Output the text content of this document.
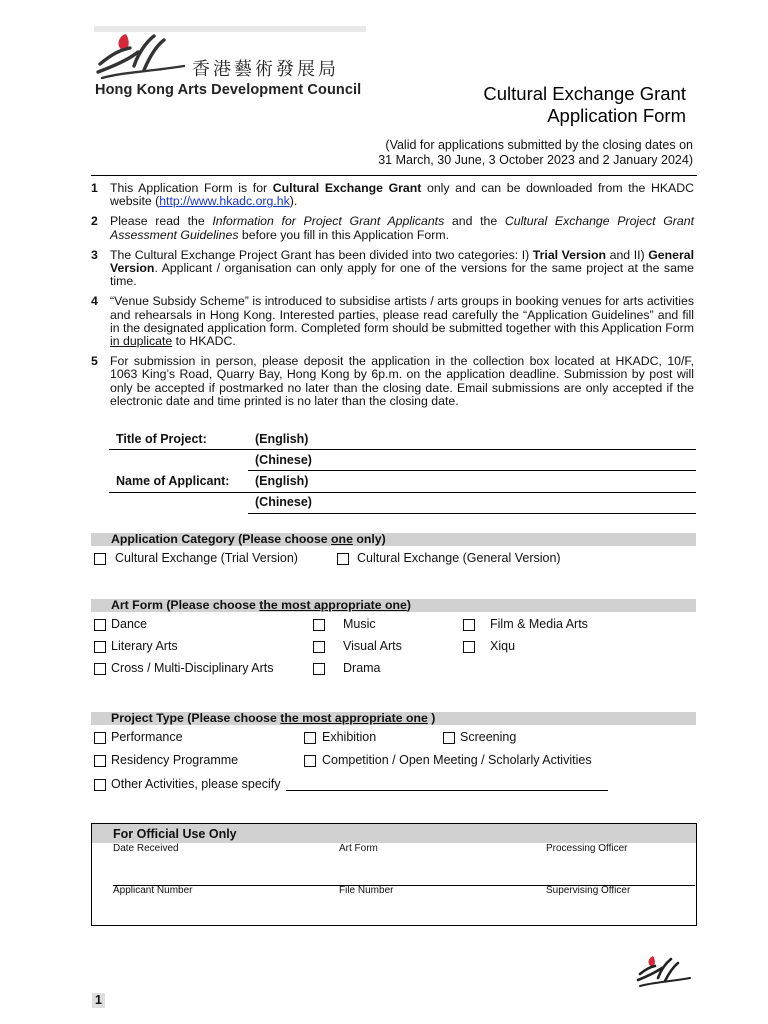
香港藝術發展局
Hong Kong Arts Development Council	Cultural Exchange Grant
Application Form
(Valid for applications submitted by the closing dates on
31 March, 30 June, 3 October 2023 and 2 January 2024)
1 This Application Form is for Cultural Exchange Grant only and can be downloaded from the HKADC website (http://www.hkadc.org.hk).
2 Please read the Information for Project Grant Applicants and the Cultural Exchange Project Grant Assessment Guidelines before you fill in this Application Form.
3 The Cultural Exchange Project Grant has been divided into two categories: I) Trial Version and II) General Version. Applicant / organisation can only apply for one of the versions for the same project at the same time.
4 “Venue Subsidy Scheme” is introduced to subsidise artists / arts groups in booking venues for arts activities and rehearsals in Hong Kong. Interested parties, please read carefully the “Application Guidelines” and fill in the designated application form. Completed form should be submitted together with this Application Form in duplicate to HKADC.
5 For submission in person, please deposit the application in the collection box located at HKADC, 10/F, 1063 King’s Road, Quarry Bay, Hong Kong by 6p.m. on the application deadline. Submission by post will only be accepted if postmarked no later than the closing date. Email submissions are only accepted if the electronic date and time printed is no later than the closing date.
Title of Project:	(English)
(Chinese)
Name of Applicant: (English)
(Chinese)
Application Category (Please choose one only)
Cultural Exchange (Trial Version)	Cultural Exchange (General Version)
Art Form (Please choose the most appropriate one)
Dance	Music	Film & Media Arts
Literary Arts	Visual Arts	Xiqu
Cross / Multi-Disciplinary Arts	Drama
Project Type (Please choose the most appropriate one )
Performance	Exhibition	Screening
Residency Programme	Competition / Open Meeting / Scholarly Activities
Other Activities, please specify
For Official Use Only
Date Received	Art Form	Processing Officer
Applicant Number	File Number	Supervising Officer
1
